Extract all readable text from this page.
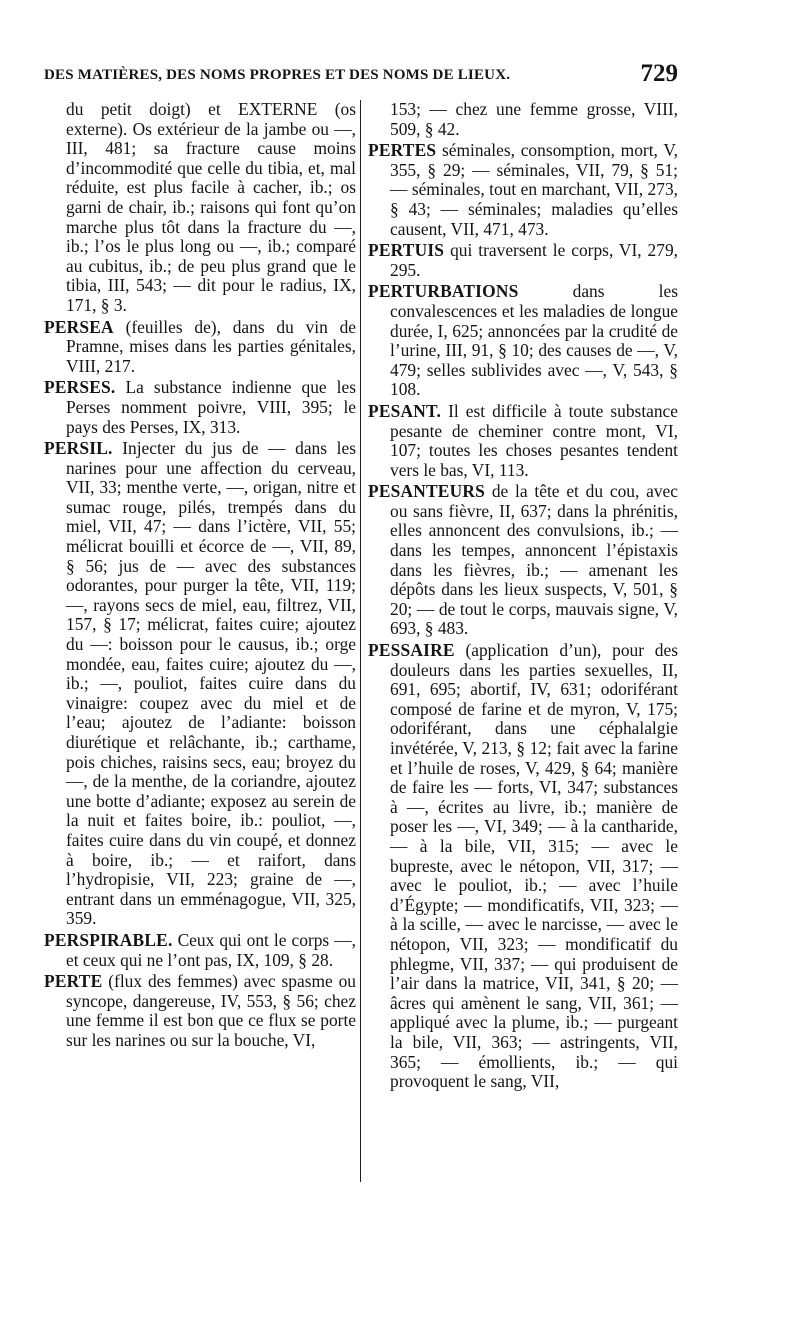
DES MATIÈRES, DES NOMS PROPRES ET DES NOMS DE LIEUX.	729

du petit doigt) et EXTERNE (os externe). Os extérieur de la jambe ou —, III, 481; sa fracture cause moins d’incommodité que celle du tibia, et, mal réduite, est plus facile à cacher, ib.; os garni de chair, ib.; raisons qui font qu’on marche plus tôt dans la fracture du —, ib.; l’os le plus long ou —, ib.; comparé au cubitus, ib.; de peu plus grand que le tibia, III, 543; — dit pour le radius, IX, 171, § 3.

PERSEA (feuilles de), dans du vin de Pramne, mises dans les parties génitales, VIII, 217.

PERSES. La substance indienne que les Perses nomment poivre, VIII, 395; le pays des Perses, IX, 313.

PERSIL. Injecter du jus de — dans les narines pour une affection du cerveau, VII, 33; menthe verte, —, origan, nitre et sumac rouge, pilés, trempés dans du miel, VII, 47; — dans l’ictère, VII, 55; mélicrat bouilli et écorce de —, VII, 89, § 56; jus de — avec des substances odorantes, pour purger la tête, VII, 119; —, rayons secs de miel, eau, filtrez, VII, 157, § 17; mélicrat, faites cuire; ajoutez du —: boisson pour le causus, ib.; orge mondée, eau, faites cuire; ajoutez du —, ib.; —, pouliot, faites cuire dans du vinaigre: coupez avec du miel et de l’eau; ajoutez de l’adiante: boisson diurétique et relâchante, ib.; carthame, pois chiches, raisins secs, eau; broyez du —, de la menthe, de la coriandre, ajoutez une botte d’adiante; exposez au serein de la nuit et faites boire, ib.: pouliot, —, faites cuire dans du vin coupé, et donnez à boire, ib.; — et raifort, dans l’hydropisie, VII, 223; graine de —, entrant dans un emménagogue, VII, 325, 359.

PERSPIRABLE. Ceux qui ont le corps —, et ceux qui ne l’ont pas, IX, 109, § 28.

PERTE (flux des femmes) avec spasme ou syncope, dangereuse, IV, 553, § 56; chez une femme il est bon que ce flux se porte sur les narines ou sur la bouche, VI,

153; — chez une femme grosse, VIII, 509, § 42.

PERTES séminales, consomption, mort, V, 355, § 29; — séminales, VII, 79, § 51; — séminales, tout en marchant, VII, 273, § 43; — séminales; maladies qu’elles causent, VII, 471, 473.

PERTUIS qui traversent le corps, VI, 279, 295.

PERTURBATIONS dans les convalescences et les maladies de longue durée, I, 625; annoncées par la crudité de l’urine, III, 91, § 10; des causes de —, V, 479; selles sublivides avec —, V, 543, § 108.

PESANT. Il est difficile à toute substance pesante de cheminer contre mont, VI, 107; toutes les choses pesantes tendent vers le bas, VI, 113.

PESANTEURS de la tête et du cou, avec ou sans fièvre, II, 637; dans la phrénitis, elles annoncent des convulsions, ib.; — dans les tempes, annoncent l’épistaxis dans les fièvres, ib.; — amenant les dépôts dans les lieux suspects, V, 501, § 20; — de tout le corps, mauvais signe, V, 693, § 483.

PESSAIRE (application d’un), pour des douleurs dans les parties sexuelles, II, 691, 695; abortif, IV, 631; odoriférant composé de farine et de myron, V, 175; odoriférant, dans une céphalalgie invétérée, V, 213, § 12; fait avec la farine et l’huile de roses, V, 429, § 64; manière de faire les — forts, VI, 347; substances à —, écrites au livre, ib.; manière de poser les —, VI, 349; — à la cantharide, — à la bile, VII, 315; — avec le bupreste, avec le nétopon, VII, 317; — avec le pouliot, ib.; — avec l’huile d’Égypte; — mondificatifs, VII, 323; — à la scille, — avec le narcisse, — avec le nétopon, VII, 323; — mondificatif du phlegme, VII, 337; — qui produisent de l’air dans la matrice, VII, 341, § 20; — âcres qui amènent le sang, VII, 361; — appliqué avec la plume, ib.; — purgeant la bile, VII, 363; — astringents, VII, 365; — émollients, ib.; — qui provoquent le sang, VII,
